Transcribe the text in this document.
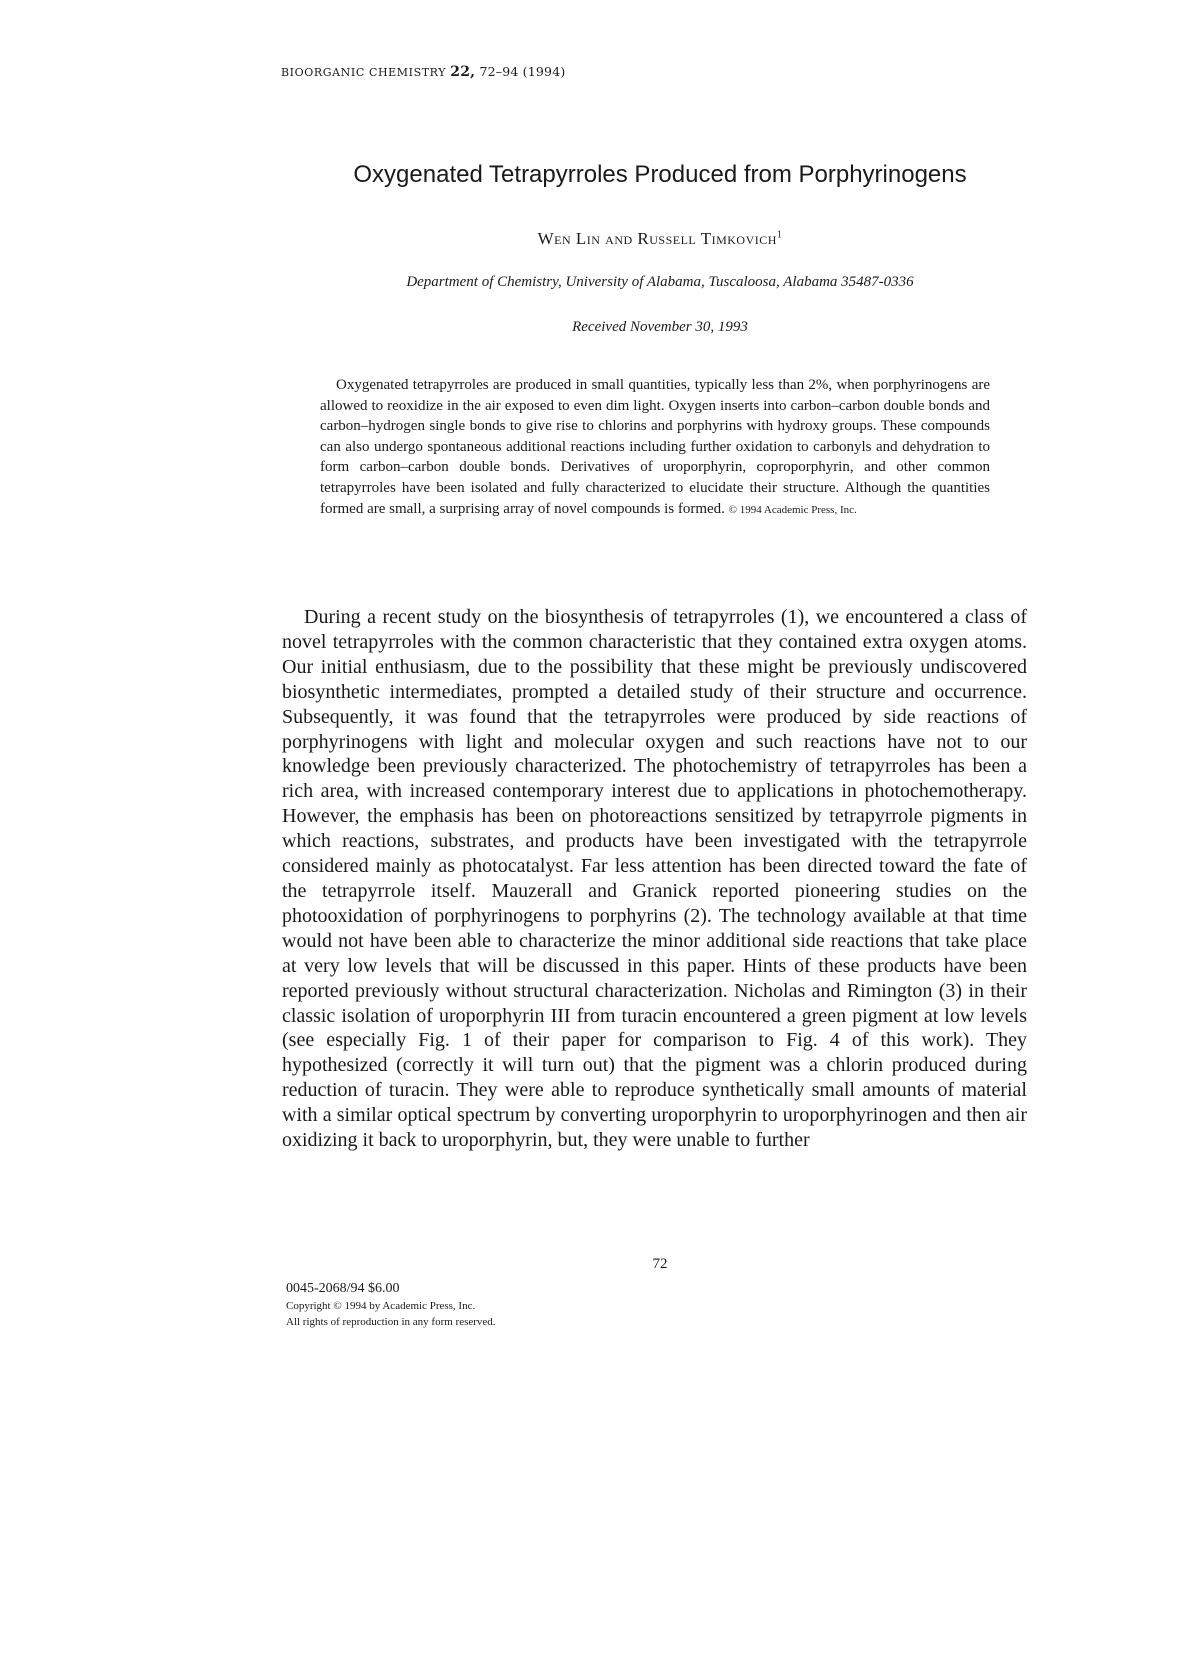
BIOORGANIC CHEMISTRY 22, 72–94 (1994)
Oxygenated Tetrapyrroles Produced from Porphyrinogens
Wen Lin and Russell Timkovich$^1$
Department of Chemistry, University of Alabama, Tuscaloosa, Alabama 35487-0336
Received November 30, 1993

Oxygenated tetrapyrroles are produced in small quantities, typically less than 2%, when porphyrinogens are allowed to reoxidize in the air exposed to even dim light. Oxygen inserts into carbon–carbon double bonds and carbon–hydrogen single bonds to give rise to chlorins and porphyrins with hydroxy groups. These compounds can also undergo spontaneous additional reactions including further oxidation to carbonyls and dehydration to form carbon–carbon double bonds. Derivatives of uroporphyrin, coproporphyrin, and other common tetrapyrroles have been isolated and fully characterized to elucidate their structure. Although the quantities formed are small, a surprising array of novel compounds is formed. © 1994 Academic Press, Inc.

During a recent study on the biosynthesis of tetrapyrroles (1), we encountered a class of novel tetrapyrroles with the common characteristic that they contained extra oxygen atoms. Our initial enthusiasm, due to the possibility that these might be previously undiscovered biosynthetic intermediates, prompted a detailed study of their structure and occurrence. Subsequently, it was found that the tetrapyrroles were produced by side reactions of porphyrinogens with light and molecular oxygen and such reactions have not to our knowledge been previously characterized. The photochemistry of tetrapyrroles has been a rich area, with increased contemporary interest due to applications in photochemotherapy. However, the emphasis has been on photoreactions sensitized by tetrapyrrole pigments in which reactions, substrates, and products have been investigated with the tetrapyrrole considered mainly as photocatalyst. Far less attention has been directed toward the fate of the tetrapyrrole itself. Mauzerall and Granick reported pioneering studies on the photooxidation of porphyrinogens to porphyrins (2). The technology available at that time would not have been able to characterize the minor additional side reactions that take place at very low levels that will be discussed in this paper. Hints of these products have been reported previously without structural characterization. Nicholas and Rimington (3) in their classic isolation of uroporphyrin III from turacin encountered a green pigment at low levels (see especially Fig. 1 of their paper for comparison to Fig. 4 of this work). They hypothesized (correctly it will turn out) that the pigment was a chlorin produced during reduction of turacin. They were able to reproduce synthetically small amounts of material with a similar optical spectrum by converting uroporphyrin to uroporphyrinogen and then air oxidizing it back to uroporphyrin, but, they were unable to further

72
0045-2068/94 $6.00
Copyright © 1994 by Academic Press, Inc.
All rights of reproduction in any form reserved.
